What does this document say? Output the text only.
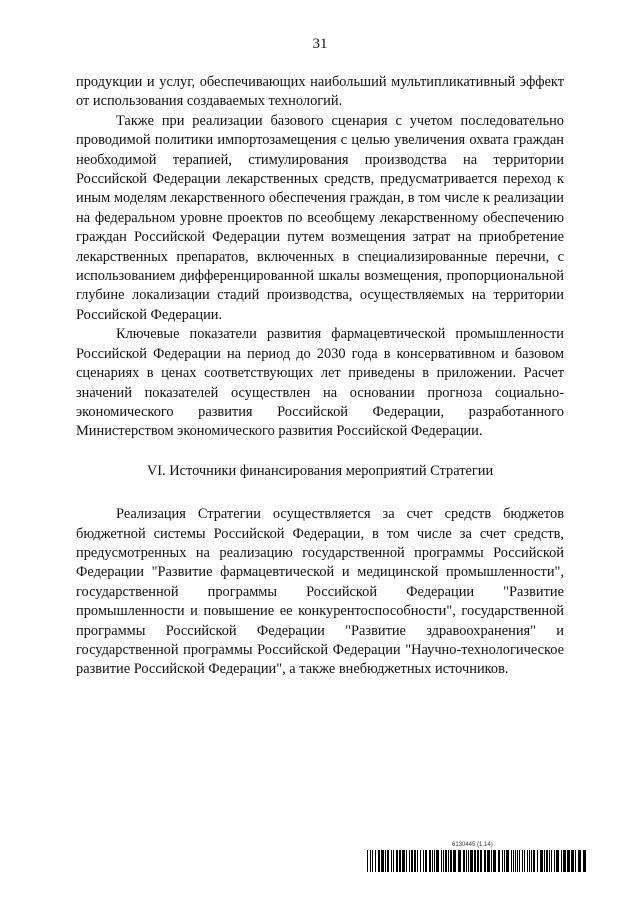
31

продукции и услуг, обеспечивающих наибольший мультипликативный эффект от использования создаваемых технологий.

Также при реализации базового сценария с учетом последовательно проводимой политики импортозамещения с целью увеличения охвата граждан необходимой терапией, стимулирования производства на территории Российской Федерации лекарственных средств, предусматривается переход к иным моделям лекарственного обеспечения граждан, в том числе к реализации на федеральном уровне проектов по всеобщему лекарственному обеспечению граждан Российской Федерации путем возмещения затрат на приобретение лекарственных препаратов, включенных в специализированные перечни, с использованием дифференцированной шкалы возмещения, пропорциональной глубине локализации стадий производства, осуществляемых на территории Российской Федерации.

Ключевые показатели развития фармацевтической промышленности Российской Федерации на период до 2030 года в консервативном и базовом сценариях в ценах соответствующих лет приведены в приложении. Расчет значений показателей осуществлен на основании прогноза социально-экономического развития Российской Федерации, разработанного Министерством экономического развития Российской Федерации.

VI. Источники финансирования мероприятий Стратегии

Реализация Стратегии осуществляется за счет средств бюджетов бюджетной системы Российской Федерации, в том числе за счет средств, предусмотренных на реализацию государственной программы Российской Федерации "Развитие фармацевтической и медицинской промышленности", государственной программы Российской Федерации "Развитие промышленности и повышение ее конкурентоспособности", государственной программы Российской Федерации "Развитие здравоохранения" и государственной программы Российской Федерации "Научно-технологическое развитие Российской Федерации", а также внебюджетных источников.

6130445 (1.14)
